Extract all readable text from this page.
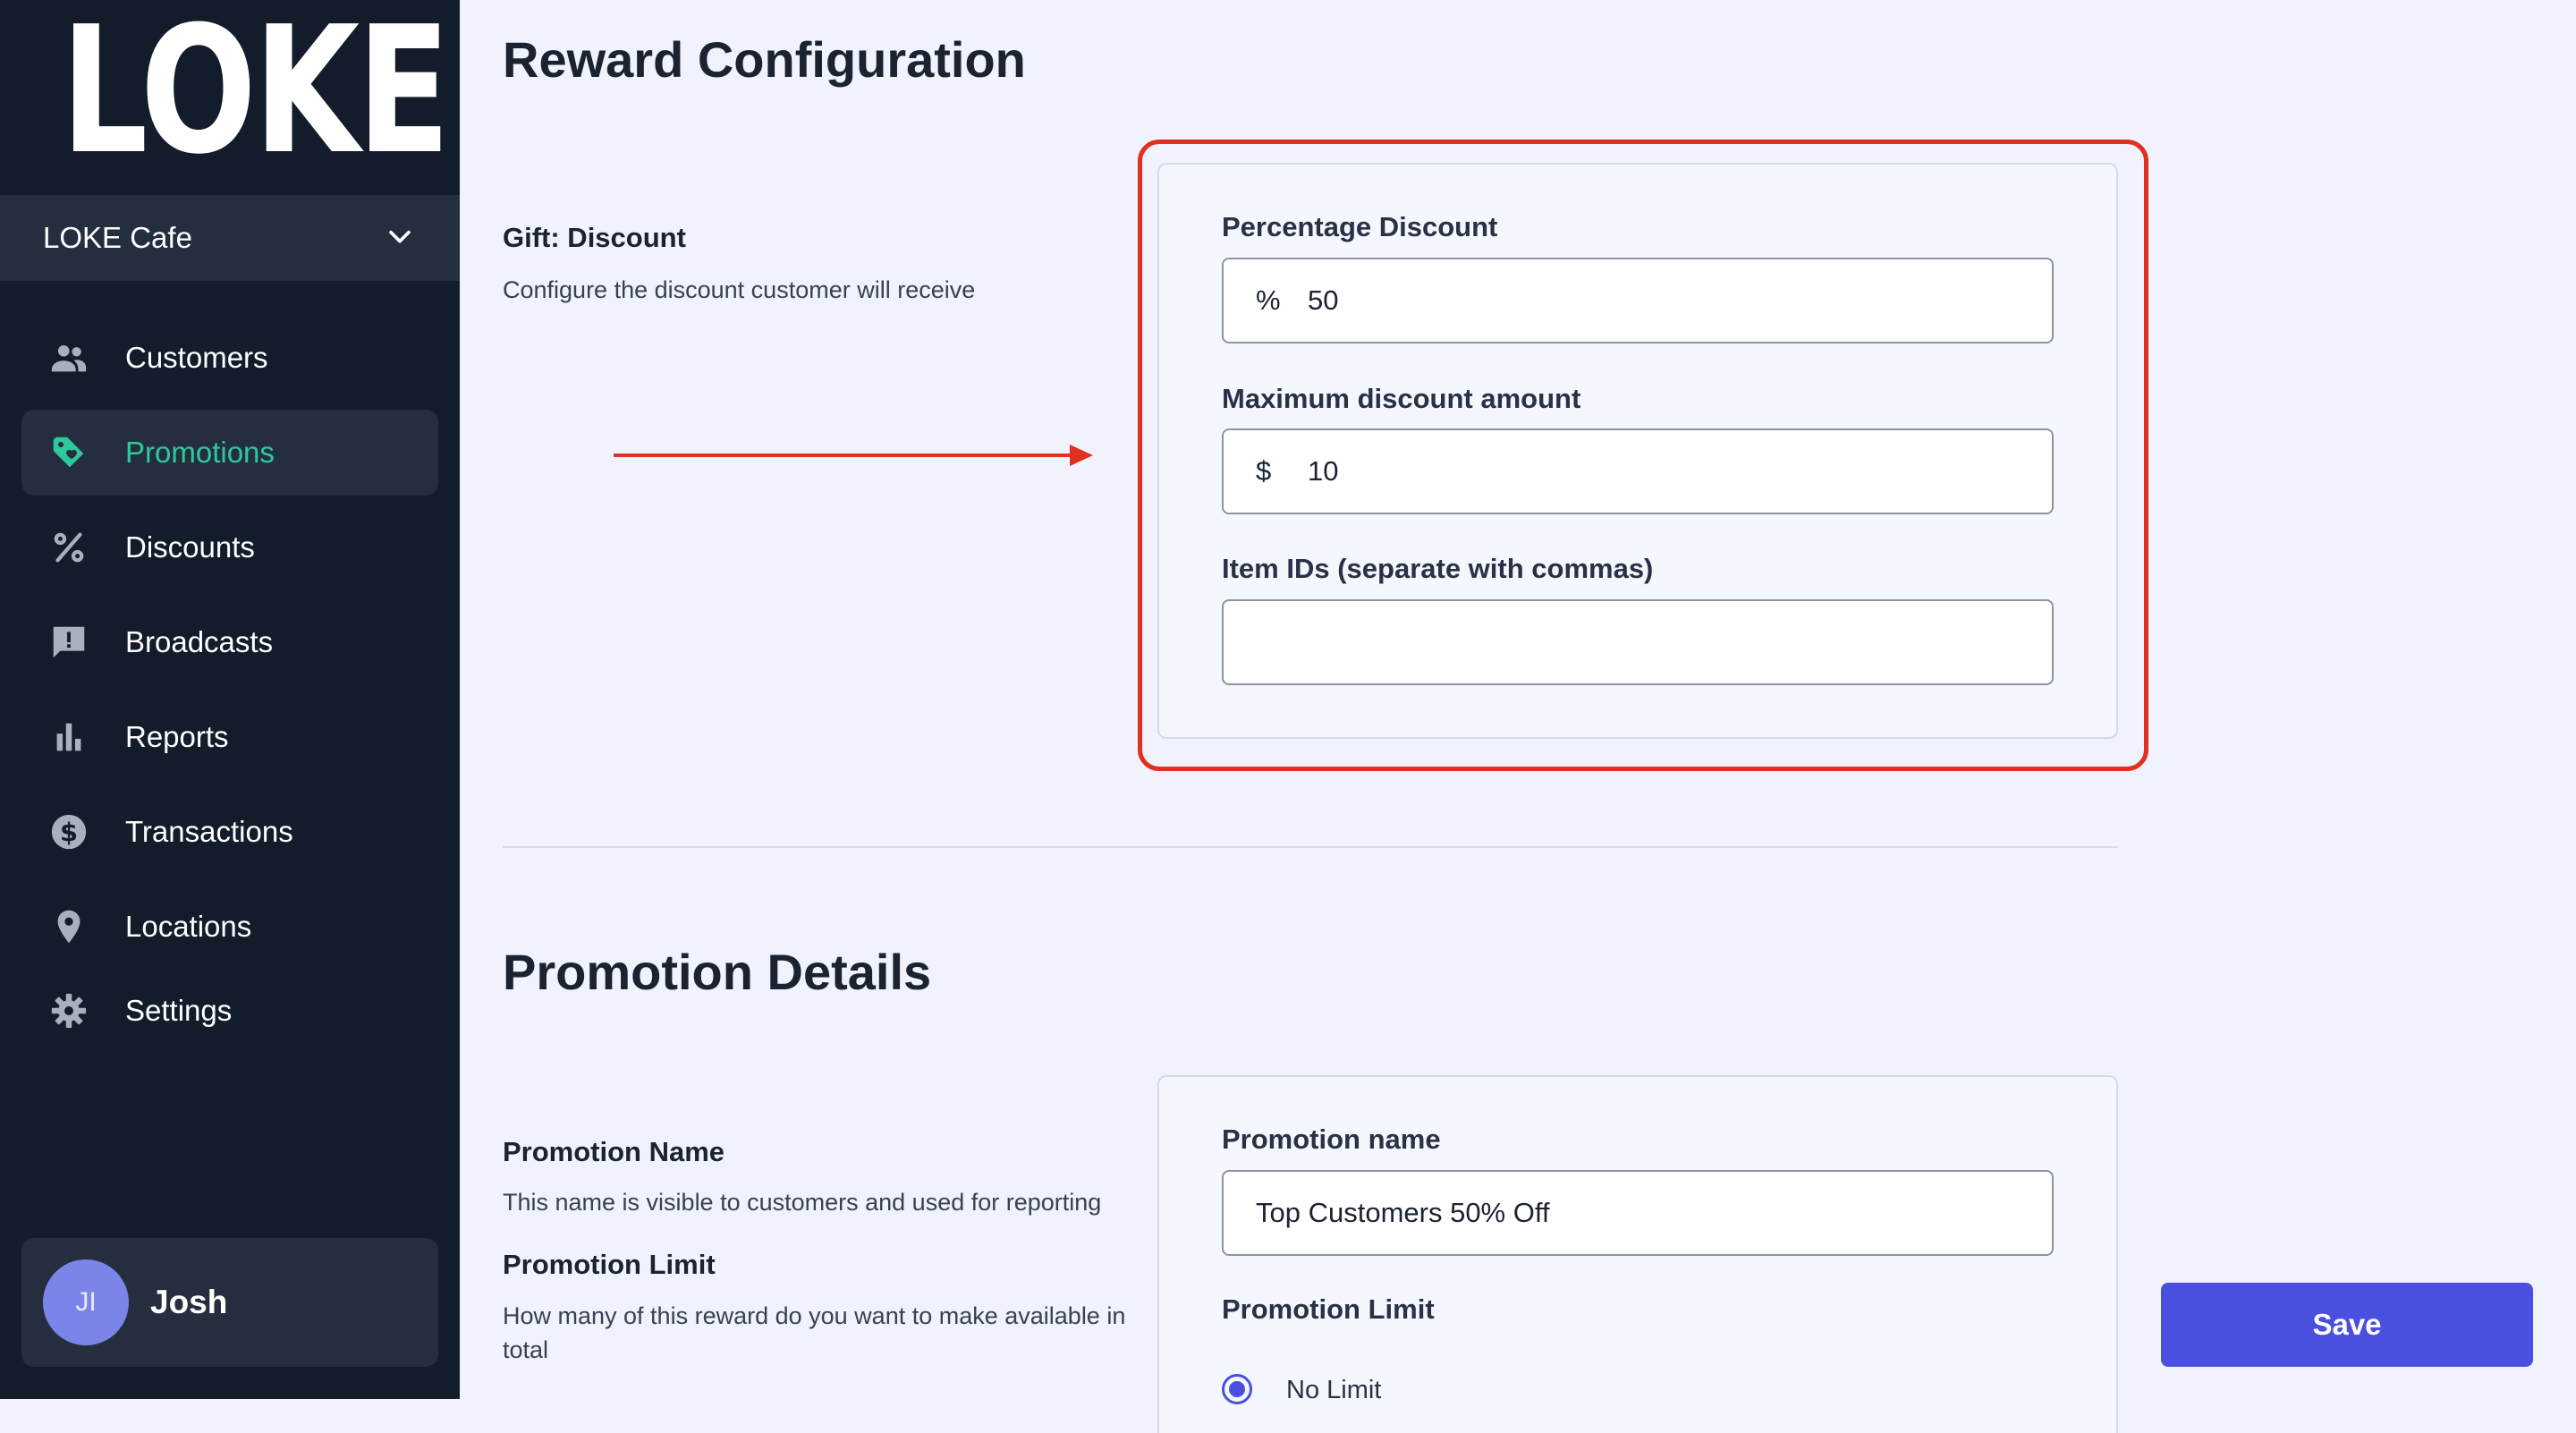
LOKE
LOKE Cafe
Customers
Promotions
Discounts
Broadcasts
Reports
$ Transactions
Locations
Settings
JI	Josh
Reward Configuration
Gift: Discount
Configure the discount customer will receive
Percentage Discount
% 50
Maximum discount amount
$	10
Item IDs (separate with commas)
Promotion Details
Promotion Name
This name is visible to customers and used for reporting
Promotion Limit
How many of this reward do you want to make available in total
Promotion name
Top Customers 50% Off
Promotion Limit
No Limit
Save
